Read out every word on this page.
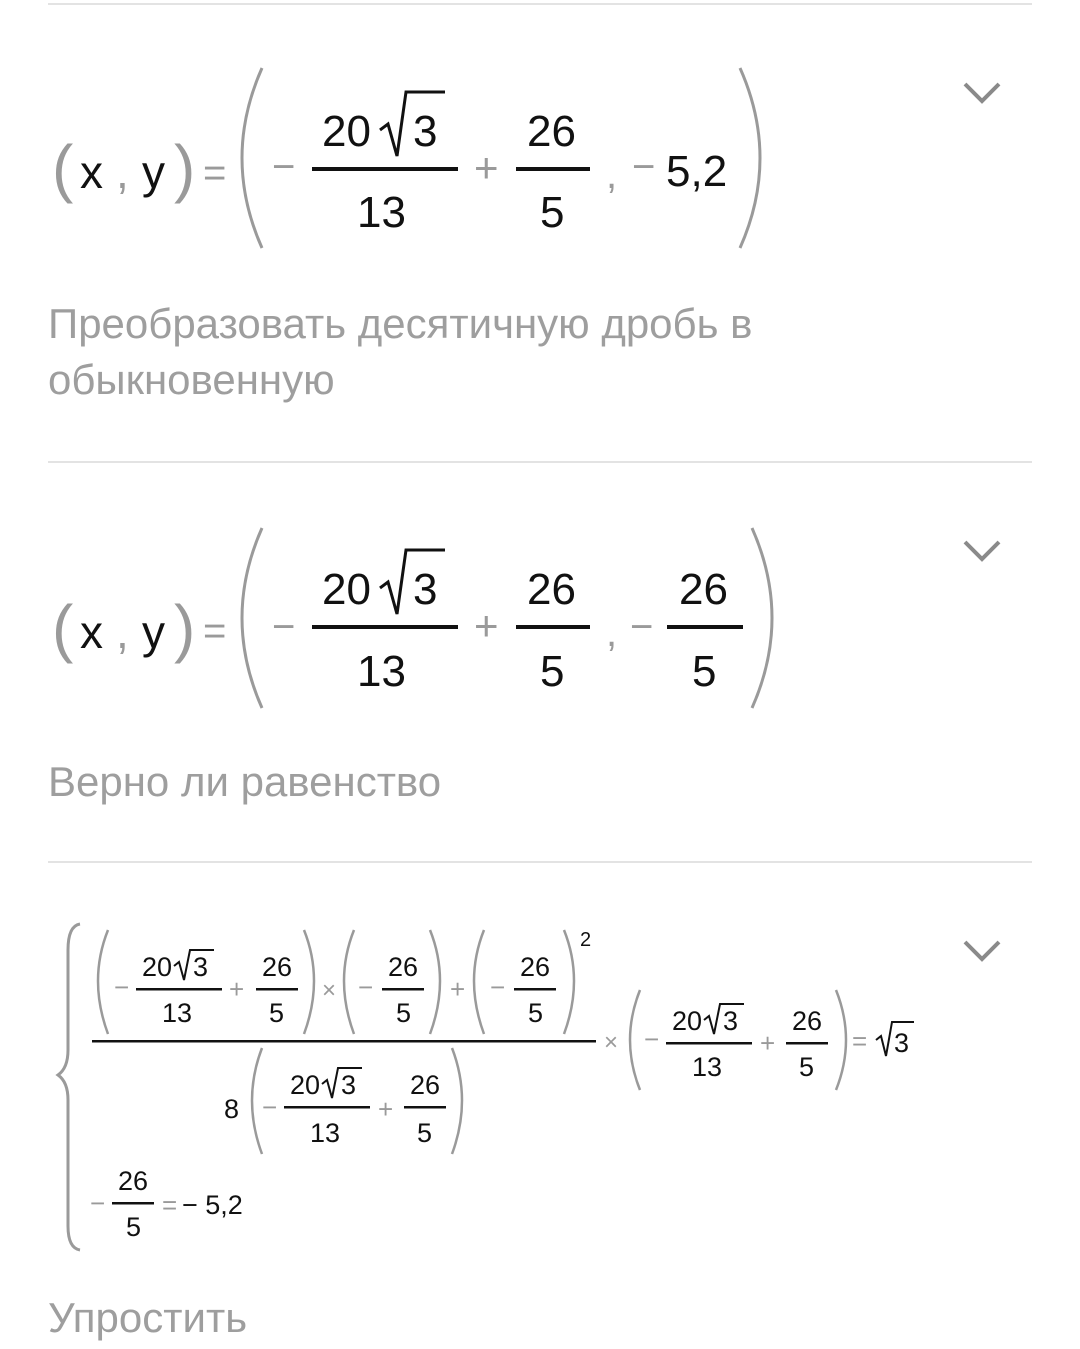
( x , y ) = −
20 3
13
+
26
5
, − 5,2
Преобразовать десятичную дробь в обыкновенную
( x , y ) = −
20 3
13
+
26
5
, −
26
5
Верно ли равенство
−
20 3
13
+
26
5
× −
26
5
+ −
26
5
2
8 −
20 3
13
+
26
5
× −
20 3
13
+
26
5
= 3
−
26
5
= − 5,2
Упростить
